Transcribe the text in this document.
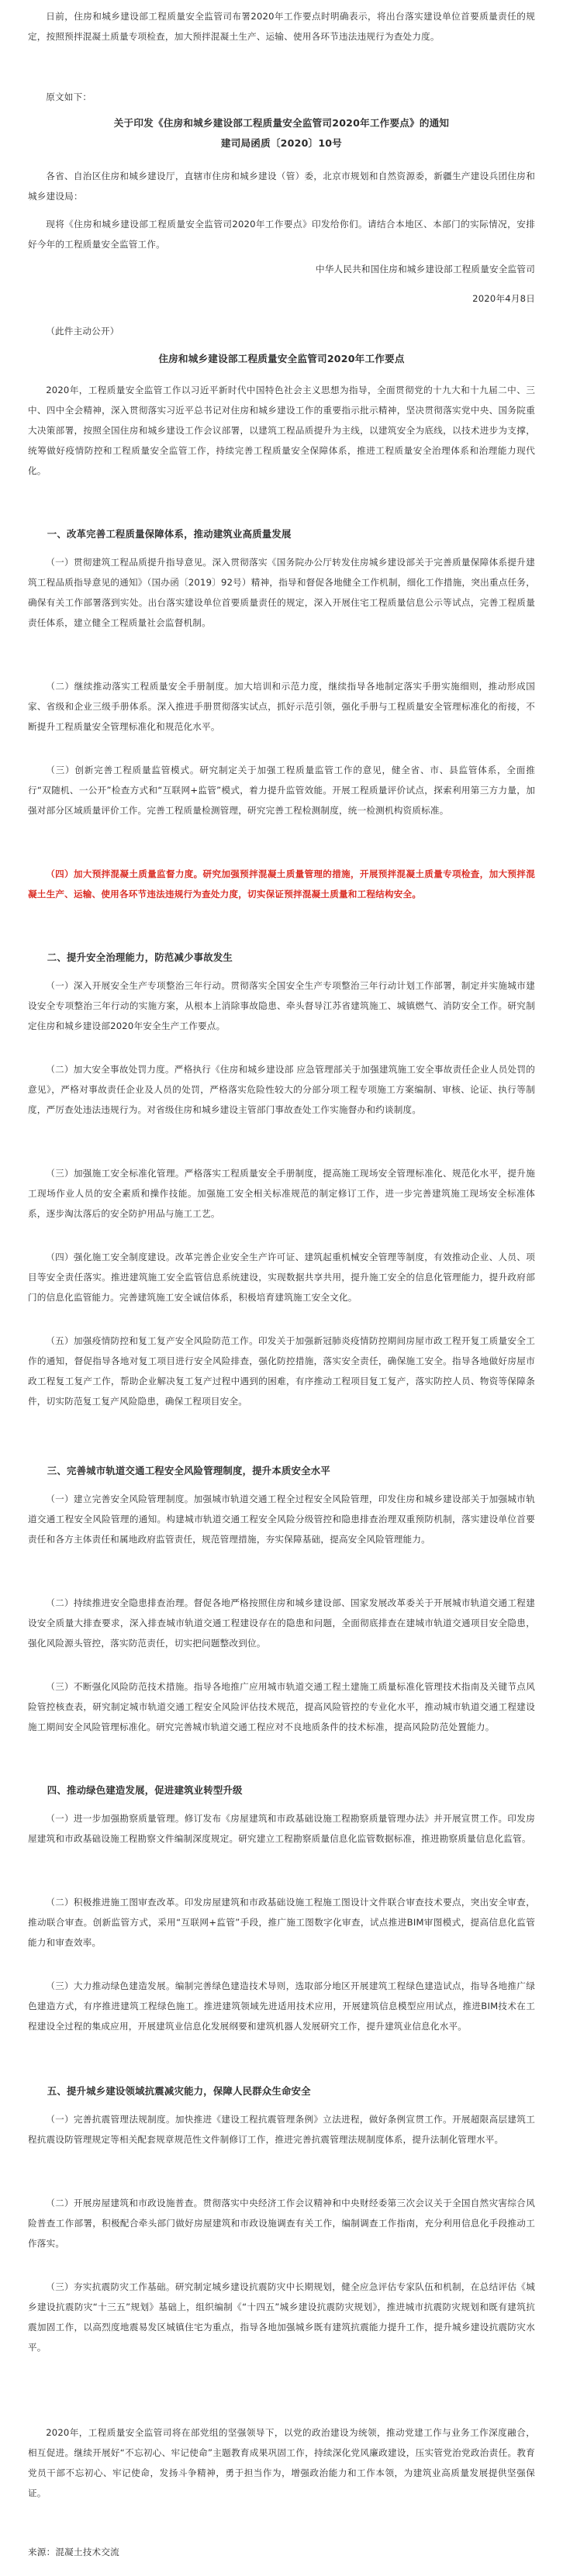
日前，住房和城乡建设部工程质量安全监管司布署2020年工作要点时明确表示，将出台落实建设单位首要质量责任的规定，按照预拌混凝土质量专项检查，加大预拌混凝土生产、运输、使用各环节违法违规行为查处力度。

原文如下：

关于印发《住房和城乡建设部工程质量安全监管司2020年工作要点》的通知

建司局函质〔2020〕10号

各省、自治区住房和城乡建设厅，直辖市住房和城乡建设（管）委，北京市规划和自然资源委，新疆生产建设兵团住房和城乡建设局：

现将《住房和城乡建设部工程质量安全监管司2020年工作要点》印发给你们。请结合本地区、本部门的实际情况，安排好今年的工程质量安全监管工作。

中华人民共和国住房和城乡建设部工程质量安全监管司

2020年4月8日

（此件主动公开）

住房和城乡建设部工程质量安全监管司2020年工作要点

2020年，工程质量安全监管工作以习近平新时代中国特色社会主义思想为指导，全面贯彻党的十九大和十九届二中、三中、四中全会精神，深入贯彻落实习近平总书记对住房和城乡建设工作的重要指示批示精神，坚决贯彻落实党中央、国务院重大决策部署，按照全国住房和城乡建设工作会议部署，以建筑工程品质提升为主线，以建筑安全为底线，以技术进步为支撑，统筹做好疫情防控和工程质量安全监管工作，持续完善工程质量安全保障体系，推进工程质量安全治理体系和治理能力现代化。

一、改革完善工程质量保障体系，推动建筑业高质量发展

（一）贯彻建筑工程品质提升指导意见。深入贯彻落实《国务院办公厅转发住房城乡建设部关于完善质量保障体系提升建筑工程品质指导意见的通知》（国办函〔2019〕92号）精神，指导和督促各地健全工作机制，细化工作措施，突出重点任务，确保有关工作部署落到实处。出台落实建设单位首要质量责任的规定，深入开展住宅工程质量信息公示等试点，完善工程质量责任体系，建立健全工程质量社会监督机制。

（二）继续推动落实工程质量安全手册制度。加大培训和示范力度，继续指导各地制定落实手册实施细则，推动形成国家、省级和企业三级手册体系。深入推进手册贯彻落实试点，抓好示范引领，强化手册与工程质量安全管理标准化的衔接，不断提升工程质量安全管理标准化和规范化水平。

（三）创新完善工程质量监管模式。研究制定关于加强工程质量监管工作的意见，健全省、市、县监管体系，全面推行“双随机、一公开”检查方式和“互联网+监管”模式，着力提升监管效能。开展工程质量评价试点，探索利用第三方力量，加强对部分区域质量评价工作。完善工程质量检测管理，研究完善工程检测制度，统一检测机构资质标准。

（四）加大预拌混凝土质量监督力度。研究加强预拌混凝土质量管理的措施，开展预拌混凝土质量专项检查，加大预拌混凝土生产、运输、使用各环节违法违规行为查处力度，切实保证预拌混凝土质量和工程结构安全。

二、提升安全治理能力，防范减少事故发生

（一）深入开展安全生产专项整治三年行动。贯彻落实全国安全生产专项整治三年行动计划工作部署，制定并实施城市建设安全专项整治三年行动的实施方案，从根本上消除事故隐患、牵头督导江苏省建筑施工、城镇燃气、消防安全工作。研究制定住房和城乡建设部2020年安全生产工作要点。

（二）加大安全事故处罚力度。严格执行《住房和城乡建设部 应急管理部关于加强建筑施工安全事故责任企业人员处罚的意见》，严格对事故责任企业及人员的处罚，严格落实危险性较大的分部分项工程专项施工方案编制、审核、论证、执行等制度，严厉查处违法违规行为。对省级住房和城乡建设主管部门事故查处工作实施督办和约谈制度。

（三）加强施工安全标准化管理。严格落实工程质量安全手册制度，提高施工现场安全管理标准化、规范化水平，提升施工现场作业人员的安全素质和操作技能。加强施工安全相关标准规范的制定修订工作，进一步完善建筑施工现场安全标准体系，逐步淘汰落后的安全防护用品与施工工艺。

（四）强化施工安全制度建设。改革完善企业安全生产许可证、建筑起重机械安全管理等制度，有效推动企业、人员、项目等安全责任落实。推进建筑施工安全监管信息系统建设，实现数据共享共用，提升施工安全的信息化管理能力，提升政府部门的信息化监管能力。完善建筑施工安全诚信体系，积极培育建筑施工安全文化。

（五）加强疫情防控和复工复产安全风险防范工作。印发关于加强新冠肺炎疫情防控期间房屋市政工程开复工质量安全工作的通知，督促指导各地对复工项目进行安全风险排查，强化防控措施，落实安全责任，确保施工安全。指导各地做好房屋市政工程复工复产工作，帮助企业解决复工复产过程中遇到的困难，有序推动工程项目复工复产，落实防控人员、物资等保障条件，切实防范复工复产风险隐患，确保工程项目安全。

三、完善城市轨道交通工程安全风险管理制度，提升本质安全水平

（一）建立完善安全风险管理制度。加强城市轨道交通工程全过程安全风险管理，印发住房和城乡建设部关于加强城市轨道交通工程安全风险管理的通知。构建城市轨道交通工程安全风险分级管控和隐患排查治理双重预防机制，落实建设单位首要责任和各方主体责任和属地政府监管责任，规范管理措施，夯实保障基础，提高安全风险管理能力。

（二）持续推进安全隐患排查治理。督促各地严格按照住房和城乡建设部、国家发展改革委关于开展城市轨道交通工程建设安全质量大排查要求，深入排查城市轨道交通工程建设存在的隐患和问题，全面彻底排查在建城市轨道交通项目安全隐患，强化风险源头管控，落实防范责任，切实把问题整改到位。

（三）不断强化风险防范技术措施。指导各地推广应用城市轨道交通工程土建施工质量标准化管理技术指南及关键节点风险管控核查表，研究制定城市轨道交通工程安全风险评估技术规范，提高风险管控的专业化水平，推动城市轨道交通工程建设施工期间安全风险管理标准化。研究完善城市轨道交通工程应对不良地质条件的技术标准，提高风险防范处置能力。

四、推动绿色建造发展，促进建筑业转型升级

（一）进一步加强勘察质量管理。修订发布《房屋建筑和市政基础设施工程勘察质量管理办法》并开展宣贯工作。印发房屋建筑和市政基础设施工程勘察文件编制深度规定。研究建立工程勘察质量信息化监管数据标准，推进勘察质量信息化监管。

（二）积极推进施工图审查改革。印发房屋建筑和市政基础设施工程施工图设计文件联合审查技术要点，突出安全审查，推动联合审查。创新监管方式，采用“互联网+监管”手段，推广施工图数字化审查，试点推进BIM审图模式，提高信息化监管能力和审查效率。

（三）大力推动绿色建造发展。编制完善绿色建造技术导则，选取部分地区开展建筑工程绿色建造试点，指导各地推广绿色建造方式，有序推进建筑工程绿色施工。推进建筑领域先进适用技术应用，开展建筑信息模型应用试点，推进BIM技术在工程建设全过程的集成应用，开展建筑业信息化发展纲要和建筑机器人发展研究工作，提升建筑业信息化水平。

五、提升城乡建设领域抗震减灾能力，保障人民群众生命安全

（一）完善抗震管理法规制度。加快推进《建设工程抗震管理条例》立法进程，做好条例宣贯工作。开展超限高层建筑工程抗震设防管理规定等相关配套规章规范性文件制修订工作，推进完善抗震管理法规制度体系，提升法制化管理水平。

（二）开展房屋建筑和市政设施普查。贯彻落实中央经济工作会议精神和中央财经委第三次会议关于全国自然灾害综合风险普查工作部署，积极配合牵头部门做好房屋建筑和市政设施调查有关工作，编制调查工作指南，充分利用信息化手段推动工作落实。

（三）夯实抗震防灾工作基础。研究制定城乡建设抗震防灾中长期规划，健全应急评估专家队伍和机制，在总结评估《城乡建设抗震防灾“十三五”规划》基础上，组织编制《“十四五”城乡建设抗震防灾规划》，推进城市抗震防灾规划和既有建筑抗震加固工作，以高烈度地震易发区城镇住宅为重点，指导各地加强城乡既有建筑抗震能力提升工作，提升城乡建设抗震防灾水平。

2020年，工程质量安全监管司将在部党组的坚强领导下，以党的政治建设为统领，推动党建工作与业务工作深度融合，相互促进。继续开展好“不忘初心、牢记使命”主题教育成果巩固工作，持续深化党风廉政建设，压实管党治党政治责任。教育党员干部不忘初心、牢记使命，发扬斗争精神，勇于担当作为，增强政治能力和工作本领，为建筑业高质量发展提供坚强保证。

来源：混凝土技术交流
